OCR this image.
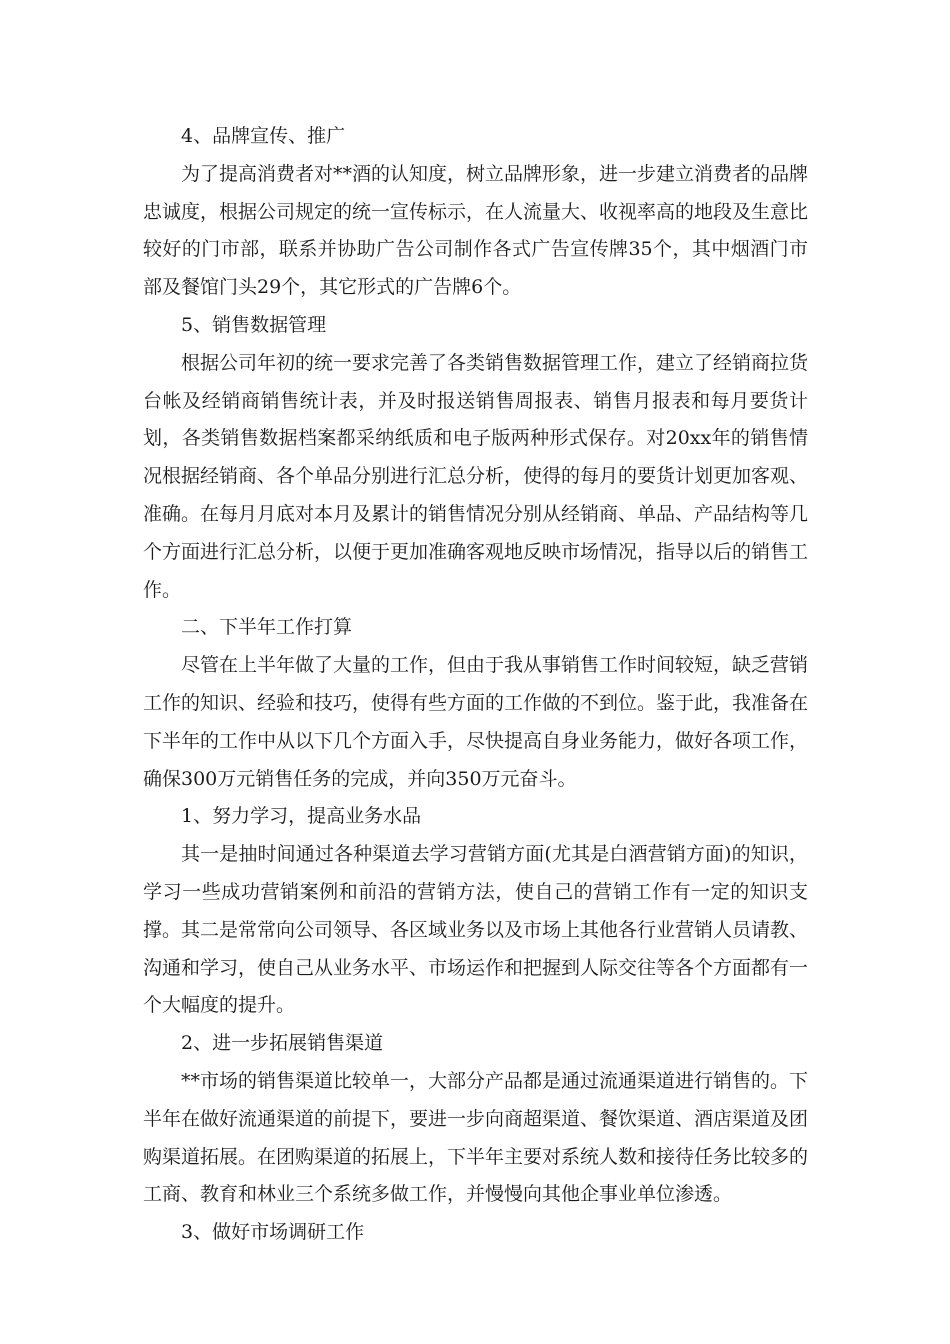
4、品牌宣传、推广
为了提高消费者对**酒的认知度，树立品牌形象，进一步建立消费者的品牌忠诚度，根据公司规定的统一宣传标示，在人流量大、收视率高的地段及生意比较好的门市部，联系并协助广告公司制作各式广告宣传牌35个，其中烟酒门市部及餐馆门头29个，其它形式的广告牌6个。
5、销售数据管理
根据公司年初的统一要求完善了各类销售数据管理工作，建立了经销商拉货台帐及经销商销售统计表，并及时报送销售周报表、销售月报表和每月要货计划，各类销售数据档案都采纳纸质和电子版两种形式保存。对20xx年的销售情况根据经销商、各个单品分别进行汇总分析，使得的每月的要货计划更加客观、准确。在每月月底对本月及累计的销售情况分别从经销商、单品、产品结构等几个方面进行汇总分析，以便于更加准确客观地反映市场情况，指导以后的销售工作。
二、下半年工作打算
尽管在上半年做了大量的工作，但由于我从事销售工作时间较短，缺乏营销工作的知识、经验和技巧，使得有些方面的工作做的不到位。鉴于此，我准备在下半年的工作中从以下几个方面入手，尽快提高自身业务能力，做好各项工作，确保300万元销售任务的完成，并向350万元奋斗。
1、努力学习，提高业务水品
其一是抽时间通过各种渠道去学习营销方面(尤其是白酒营销方面)的知识，学习一些成功营销案例和前沿的营销方法，使自己的营销工作有一定的知识支撑。其二是常常向公司领导、各区域业务以及市场上其他各行业营销人员请教、沟通和学习，使自己从业务水平、市场运作和把握到人际交往等各个方面都有一个大幅度的提升。
2、进一步拓展销售渠道
**市场的销售渠道比较单一，大部分产品都是通过流通渠道进行销售的。下半年在做好流通渠道的前提下，要进一步向商超渠道、餐饮渠道、酒店渠道及团购渠道拓展。在团购渠道的拓展上，下半年主要对系统人数和接待任务比较多的工商、教育和林业三个系统多做工作，并慢慢向其他企事业单位渗透。
3、做好市场调研工作
